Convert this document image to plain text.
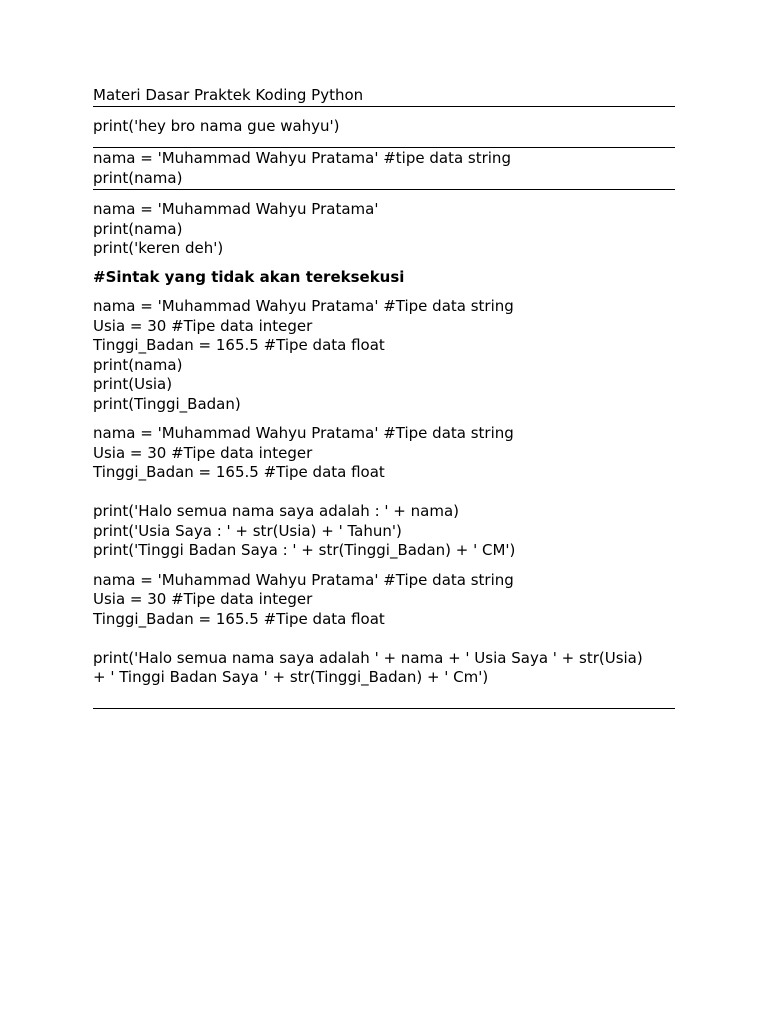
Materi Dasar Praktek Koding Python
print('hey bro nama gue wahyu')
nama = 'Muhammad Wahyu Pratama' #tipe data string
print(nama)
nama = 'Muhammad Wahyu Pratama'
print(nama)
print('keren deh')
#Sintak yang tidak akan tereksekusi
nama = 'Muhammad Wahyu Pratama' #Tipe data string
Usia = 30 #Tipe data integer
Tinggi_Badan = 165.5 #Tipe data float
print(nama)
print(Usia)
print(Tinggi_Badan)
nama = 'Muhammad Wahyu Pratama' #Tipe data string
Usia = 30 #Tipe data integer
Tinggi_Badan = 165.5 #Tipe data float
print('Halo semua nama saya adalah : ' + nama)
print('Usia Saya : ' + str(Usia) + ' Tahun')
print('Tinggi Badan Saya : ' + str(Tinggi_Badan) + ' CM')
nama = 'Muhammad Wahyu Pratama' #Tipe data string
Usia = 30 #Tipe data integer
Tinggi_Badan = 165.5 #Tipe data float
print('Halo semua nama saya adalah ' + nama + ' Usia Saya ' + str(Usia)
+ ' Tinggi Badan Saya ' + str(Tinggi_Badan) + ' Cm')
